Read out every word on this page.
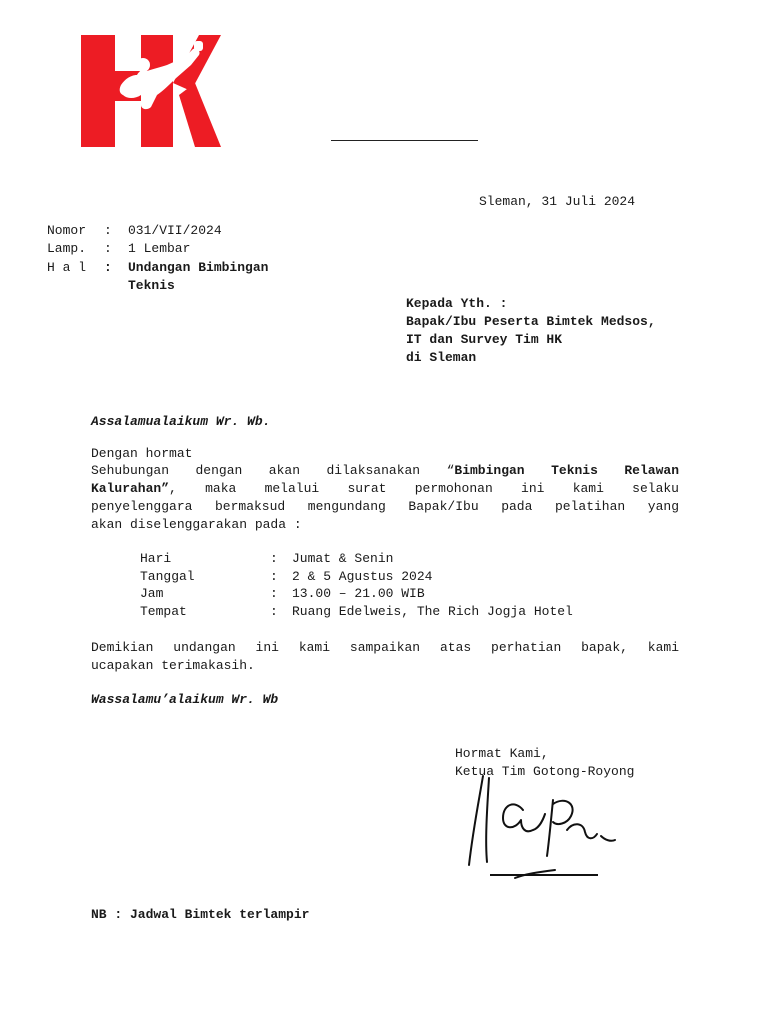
Sleman, 31 Juli 2024
Nomor : 031/VII/2024
Lamp. : 1 Lembar
H a l : Undangan Bimbingan
Teknis
Kepada Yth. :
Bapak/Ibu Peserta Bimtek Medsos,
IT dan Survey Tim HK
di Sleman
Assalamualaikum Wr. Wb.
Dengan hormat
Sehubungan dengan akan dilaksanakan “Bimbingan Teknis Relawan
Kalurahan”, maka melalui surat permohonan ini kami selaku
penyelenggara bermaksud mengundang Bapak/Ibu pada pelatihan yang
akan diselenggarakan pada :
Hari	: Jumat & Senin
Tanggal	: 2 & 5 Agustus 2024
Jam	: 13.00 – 21.00 WIB
Tempat	: Ruang Edelweis, The Rich Jogja Hotel
Demikian undangan ini kami sampaikan atas perhatian bapak, kami
ucapakan terimakasih.
Wassalamu’alaikum Wr. Wb
Hormat Kami,
Ketua Tim Gotong-Royong
NB : Jadwal Bimtek terlampir
